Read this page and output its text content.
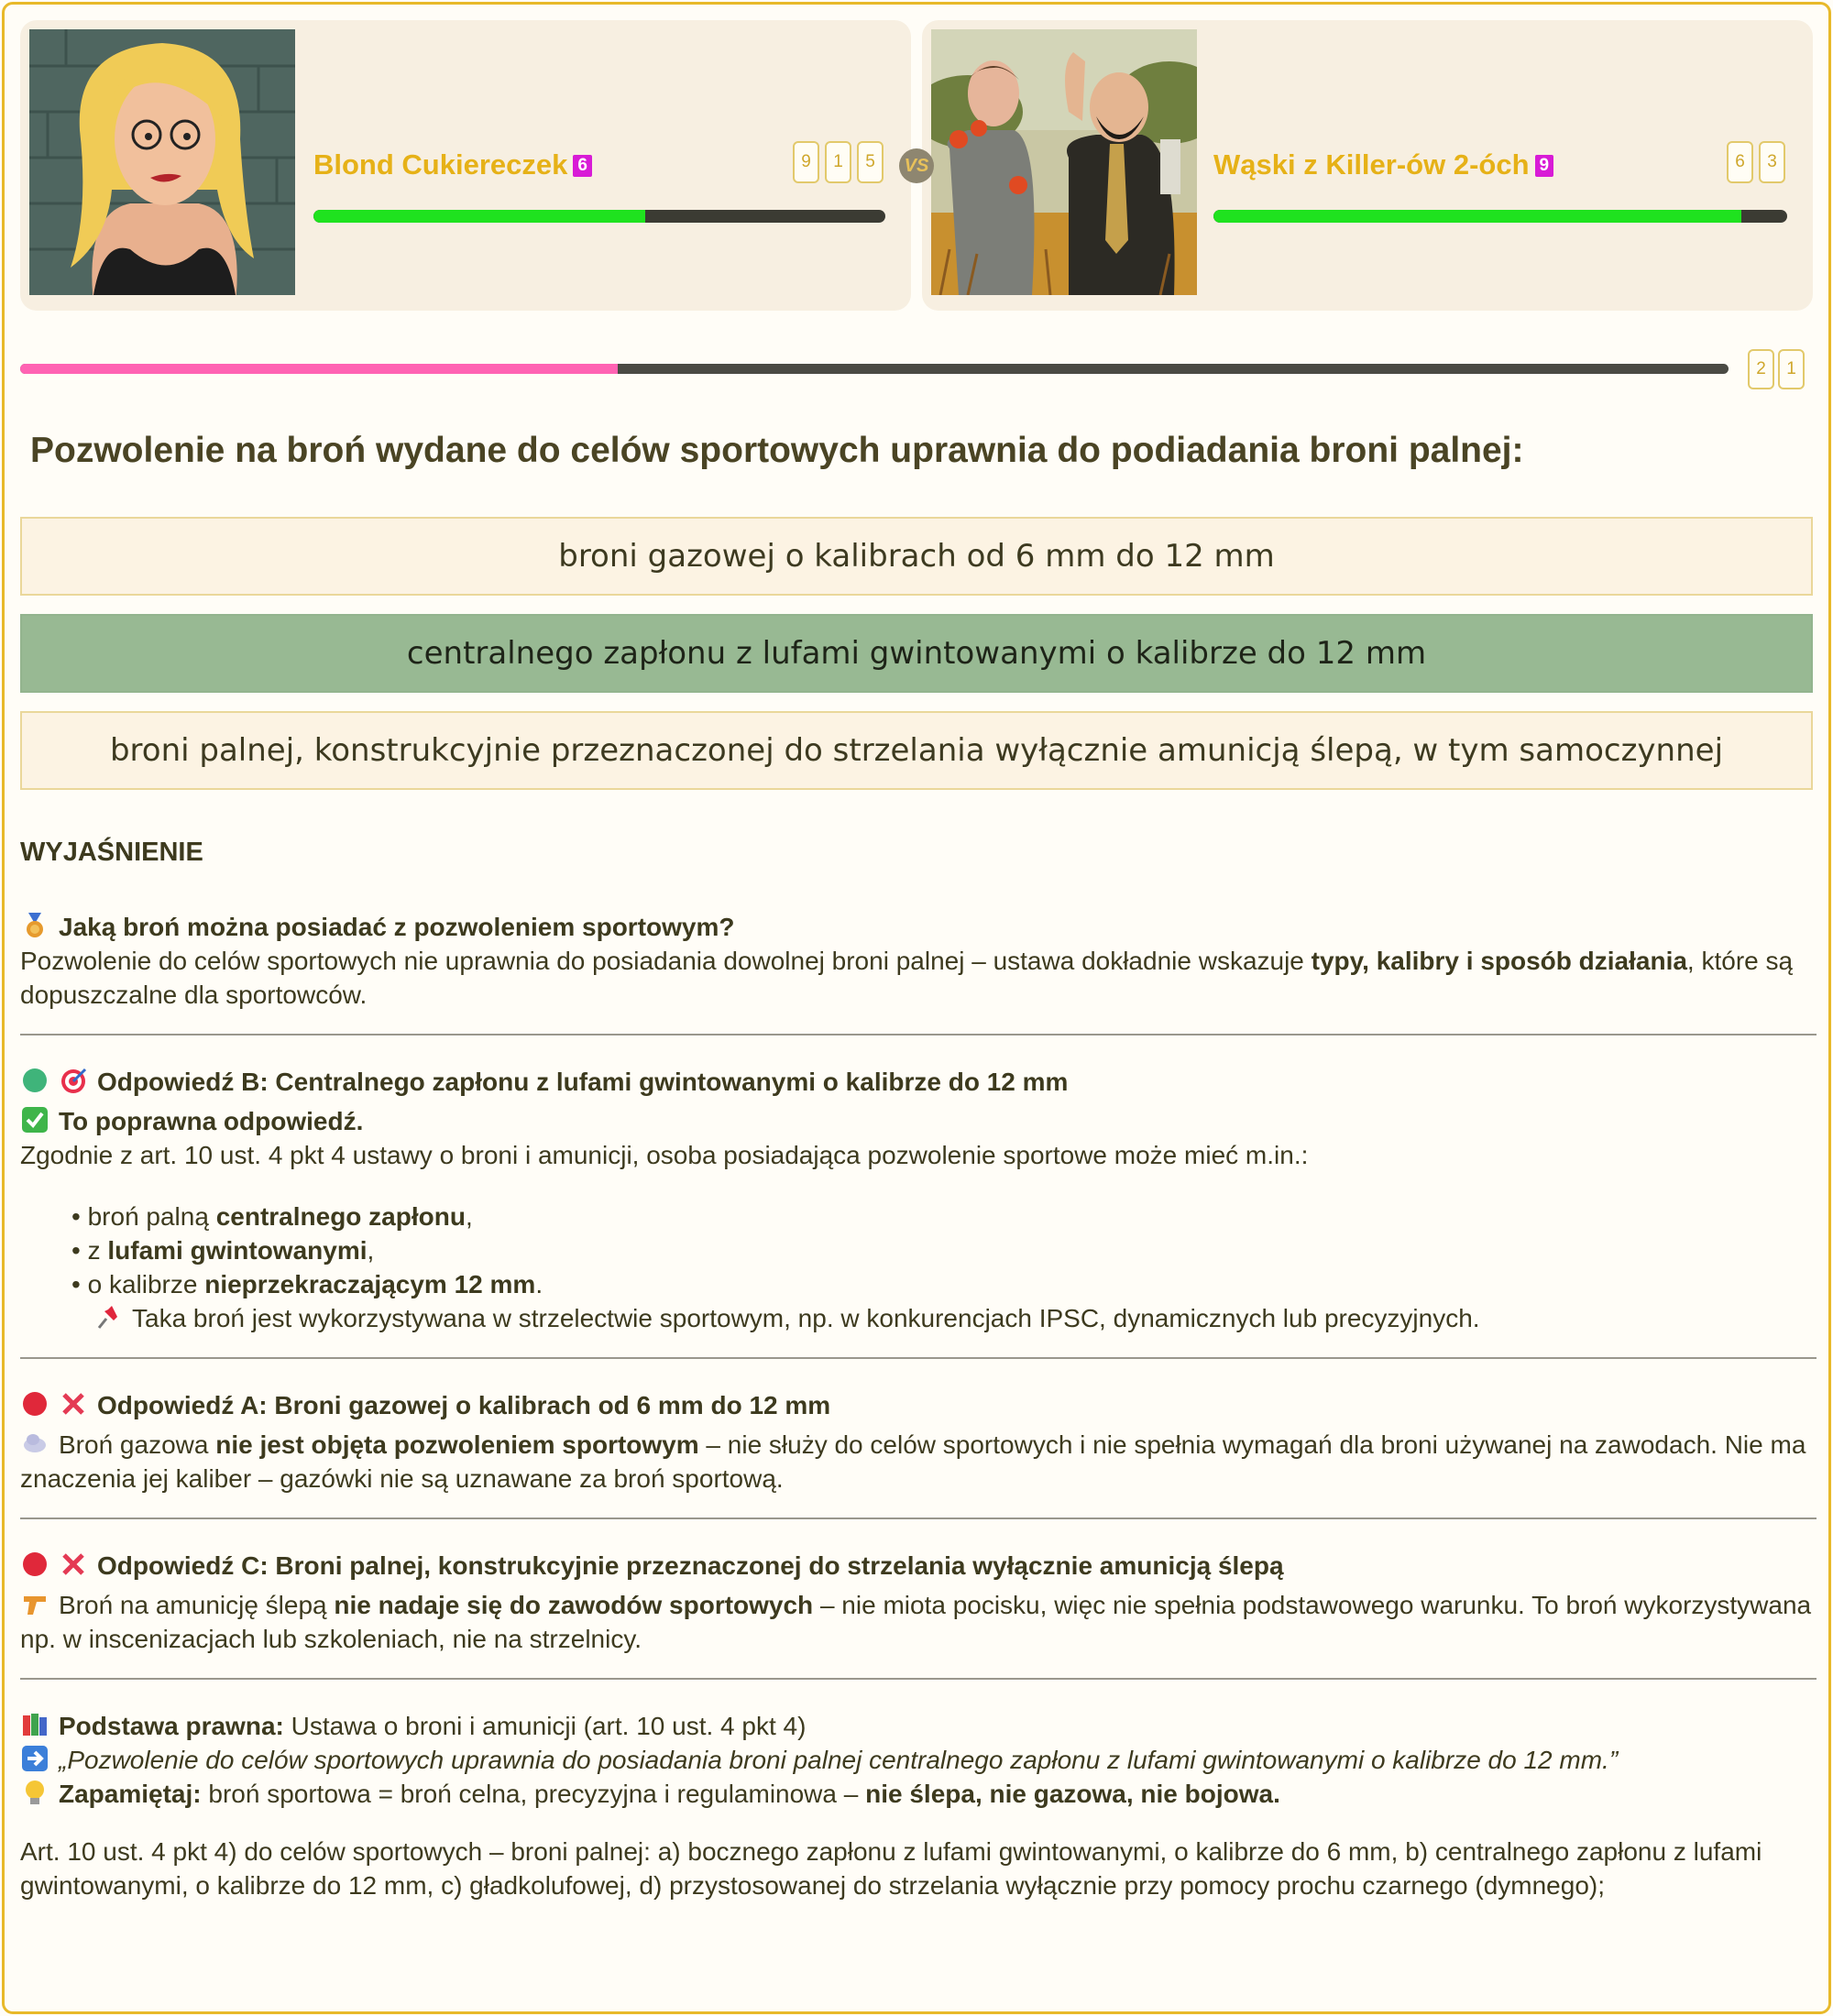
Blond Cukiereczek 6	9	1	5	VS	Wąski z Killer-ów 2-óch 9	6	3
2	1
Pozwolenie na broń wydane do celów sportowych uprawnia do podiadania broni palnej:
broni gazowej o kalibrach od 6 mm do 12 mm
centralnego zapłonu z lufami gwintowanymi o kalibrze do 12 mm
broni palnej, konstrukcyjnie przeznaczonej do strzelania wyłącznie amunicją ślepą, w tym samoczynnej
WYJAŚNIENIE
Jaką broń można posiadać z pozwoleniem sportowym?
Pozwolenie do celów sportowych nie uprawnia do posiadania dowolnej broni palnej – ustawa dokładnie wskazuje typy, kalibry i sposób działania, które są dopuszczalne dla sportowców.
Odpowiedź B: Centralnego zapłonu z lufami gwintowanymi o kalibrze do 12 mm
To poprawna odpowiedź.
Zgodnie z art. 10 ust. 4 pkt 4 ustawy o broni i amunicji, osoba posiadająca pozwolenie sportowe może mieć m.in.:
• broń palną centralnego zapłonu,
• z lufami gwintowanymi,
• o kalibrze nieprzekraczającym 12 mm.
Taka broń jest wykorzystywana w strzelectwie sportowym, np. w konkurencjach IPSC, dynamicznych lub precyzyjnych.
Odpowiedź A: Broni gazowej o kalibrach od 6 mm do 12 mm
Broń gazowa nie jest objęta pozwoleniem sportowym – nie służy do celów sportowych i nie spełnia wymagań dla broni używanej na zawodach. Nie ma znaczenia jej kaliber – gazówki nie są uznawane za broń sportową.
Odpowiedź C: Broni palnej, konstrukcyjnie przeznaczonej do strzelania wyłącznie amunicją ślepą
Broń na amunicję ślepą nie nadaje się do zawodów sportowych – nie miota pocisku, więc nie spełnia podstawowego warunku. To broń wykorzystywana np. w inscenizacjach lub szkoleniach, nie na strzelnicy.
Podstawa prawna: Ustawa o broni i amunicji (art. 10 ust. 4 pkt 4)
„Pozwolenie do celów sportowych uprawnia do posiadania broni palnej centralnego zapłonu z lufami gwintowanymi o kalibrze do 12 mm.”
Zapamiętaj: broń sportowa = broń celna, precyzyjna i regulaminowa – nie ślepa, nie gazowa, nie bojowa.
Art. 10 ust. 4 pkt 4) do celów sportowych – broni palnej: a) bocznego zapłonu z lufami gwintowanymi, o kalibrze do 6 mm, b) centralnego zapłonu z lufami gwintowanymi, o kalibrze do 12 mm, c) gładkolufowej, d) przystosowanej do strzelania wyłącznie przy pomocy prochu czarnego (dymnego);
